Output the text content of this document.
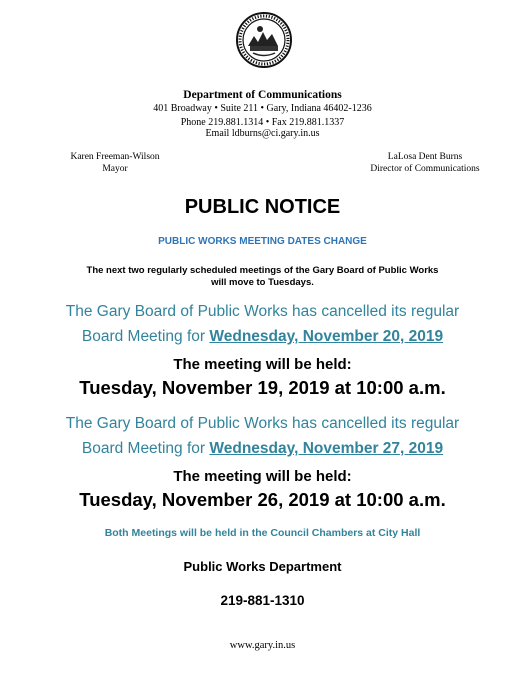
Department of Communications
401 Broadway • Suite 211 • Gary, Indiana 46402-1236
Phone 219.881.1314 • Fax 219.881.1337
Email ldburns@ci.gary.in.us
Karen Freeman-Wilson
Mayor
LaLosa Dent Burns
Director of Communications
PUBLIC NOTICE
PUBLIC WORKS MEETING DATES CHANGE
The next two regularly scheduled meetings of the Gary Board of Public Works
will move to Tuesdays.
The Gary Board of Public Works has cancelled its regular
Board Meeting for Wednesday, November 20, 2019
The meeting will be held:
Tuesday, November 19, 2019 at 10:00 a.m.
The Gary Board of Public Works has cancelled its regular
Board Meeting for Wednesday, November 27, 2019
The meeting will be held:
Tuesday, November 26, 2019 at 10:00 a.m.
Both Meetings will be held in the Council Chambers at City Hall
Public Works Department
219-881-1310
www.gary.in.us
